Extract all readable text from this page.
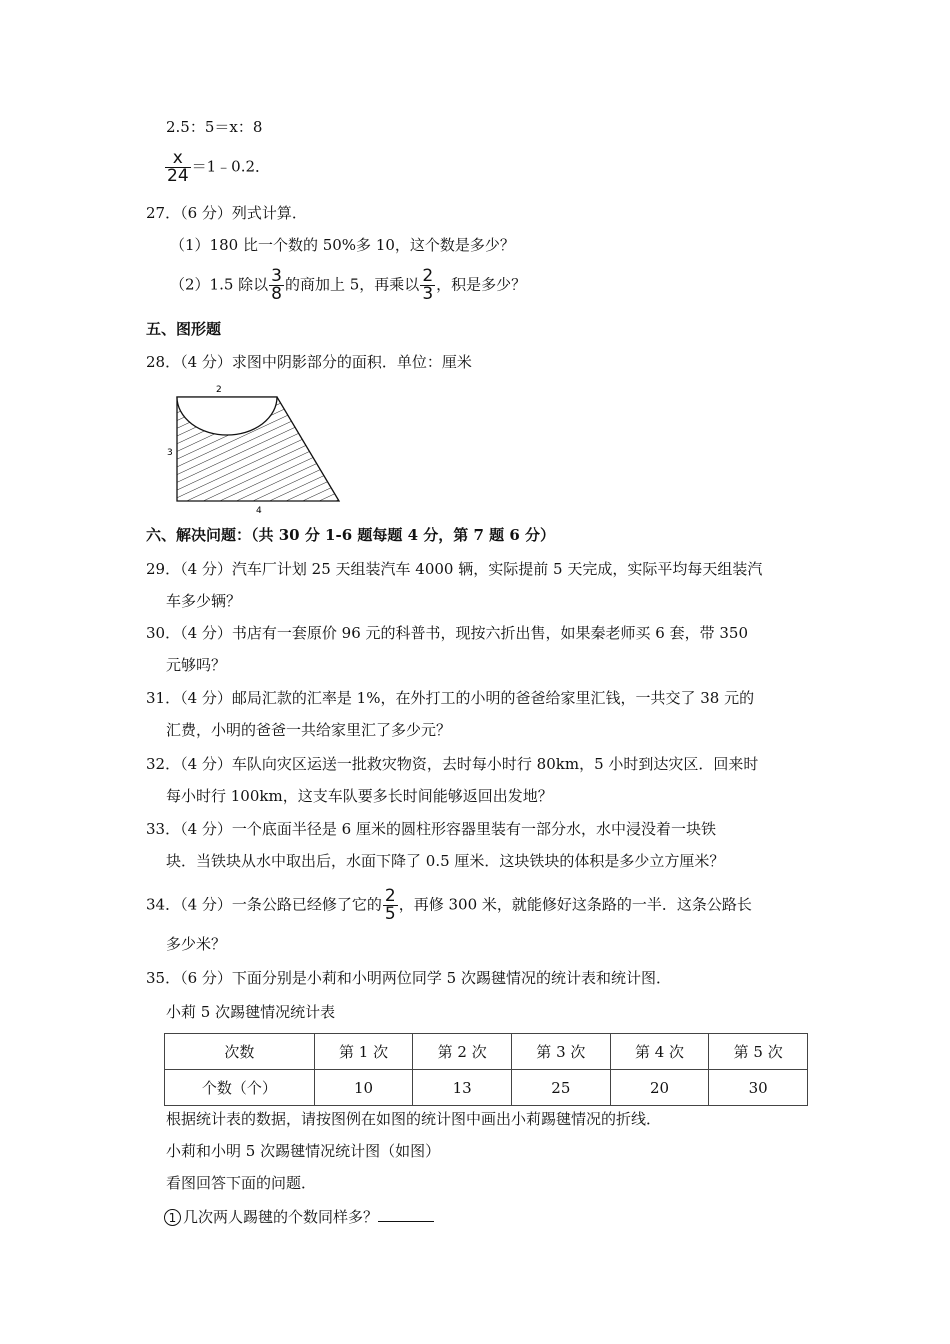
2.5：5＝x：8
$\frac{x}{24}$ ＝1﹣0.2．
27．（6 分）列式计算．
（1）180 比一个数的 50%多 10，这个数是多少？
（2）1.5 除以 $\frac{3}{8}$ 的商加上 5，再乘以 $\frac{2}{3}$ ，积是多少？
五、图形题
28．（4 分）求图中阴影部分的面积．单位：厘米
2
3
4
六、解决问题：（共 30 分 1-6 题每题 4 分，第 7 题 6 分）
29．（4 分）汽车厂计划 25 天组装汽车 4000 辆，实际提前 5 天完成，实际平均每天组装汽
车多少辆？
30．（4 分）书店有一套原价 96 元的科普书，现按六折出售，如果秦老师买 6 套，带 350
元够吗？
31．（4 分）邮局汇款的汇率是 1%，在外打工的小明的爸爸给家里汇钱，一共交了 38 元的
汇费，小明的爸爸一共给家里汇了多少元？
32．（4 分）车队向灾区运送一批救灾物资，去时每小时行 80km，5 小时到达灾区．回来时
每小时行 100km，这支车队要多长时间能够返回出发地？
33．（4 分）一个底面半径是 6 厘米的圆柱形容器里装有一部分水，水中浸没着一块铁
块．当铁块从水中取出后，水面下降了 0.5 厘米．这块铁块的体积是多少立方厘米？
34．（4 分）一条公路已经修了它的 $\frac{2}{5}$ ，再修 300 米，就能修好这条路的一半．这条公路长
多少米？
35．（6 分）下面分别是小莉和小明两位同学 5 次踢毽情况的统计表和统计图．
小莉 5 次踢毽情况统计表
次数	第 1 次	第 2 次	第 3 次	第 4 次	第 5 次
个数（个）	10	13	25	20	30
根据统计表的数据，请按图例在如图的统计图中画出小莉踢毽情况的折线．
小莉和小明 5 次踢毽情况统计图（如图）
看图回答下面的问题．
1 几次两人踢毽的个数同样多？
